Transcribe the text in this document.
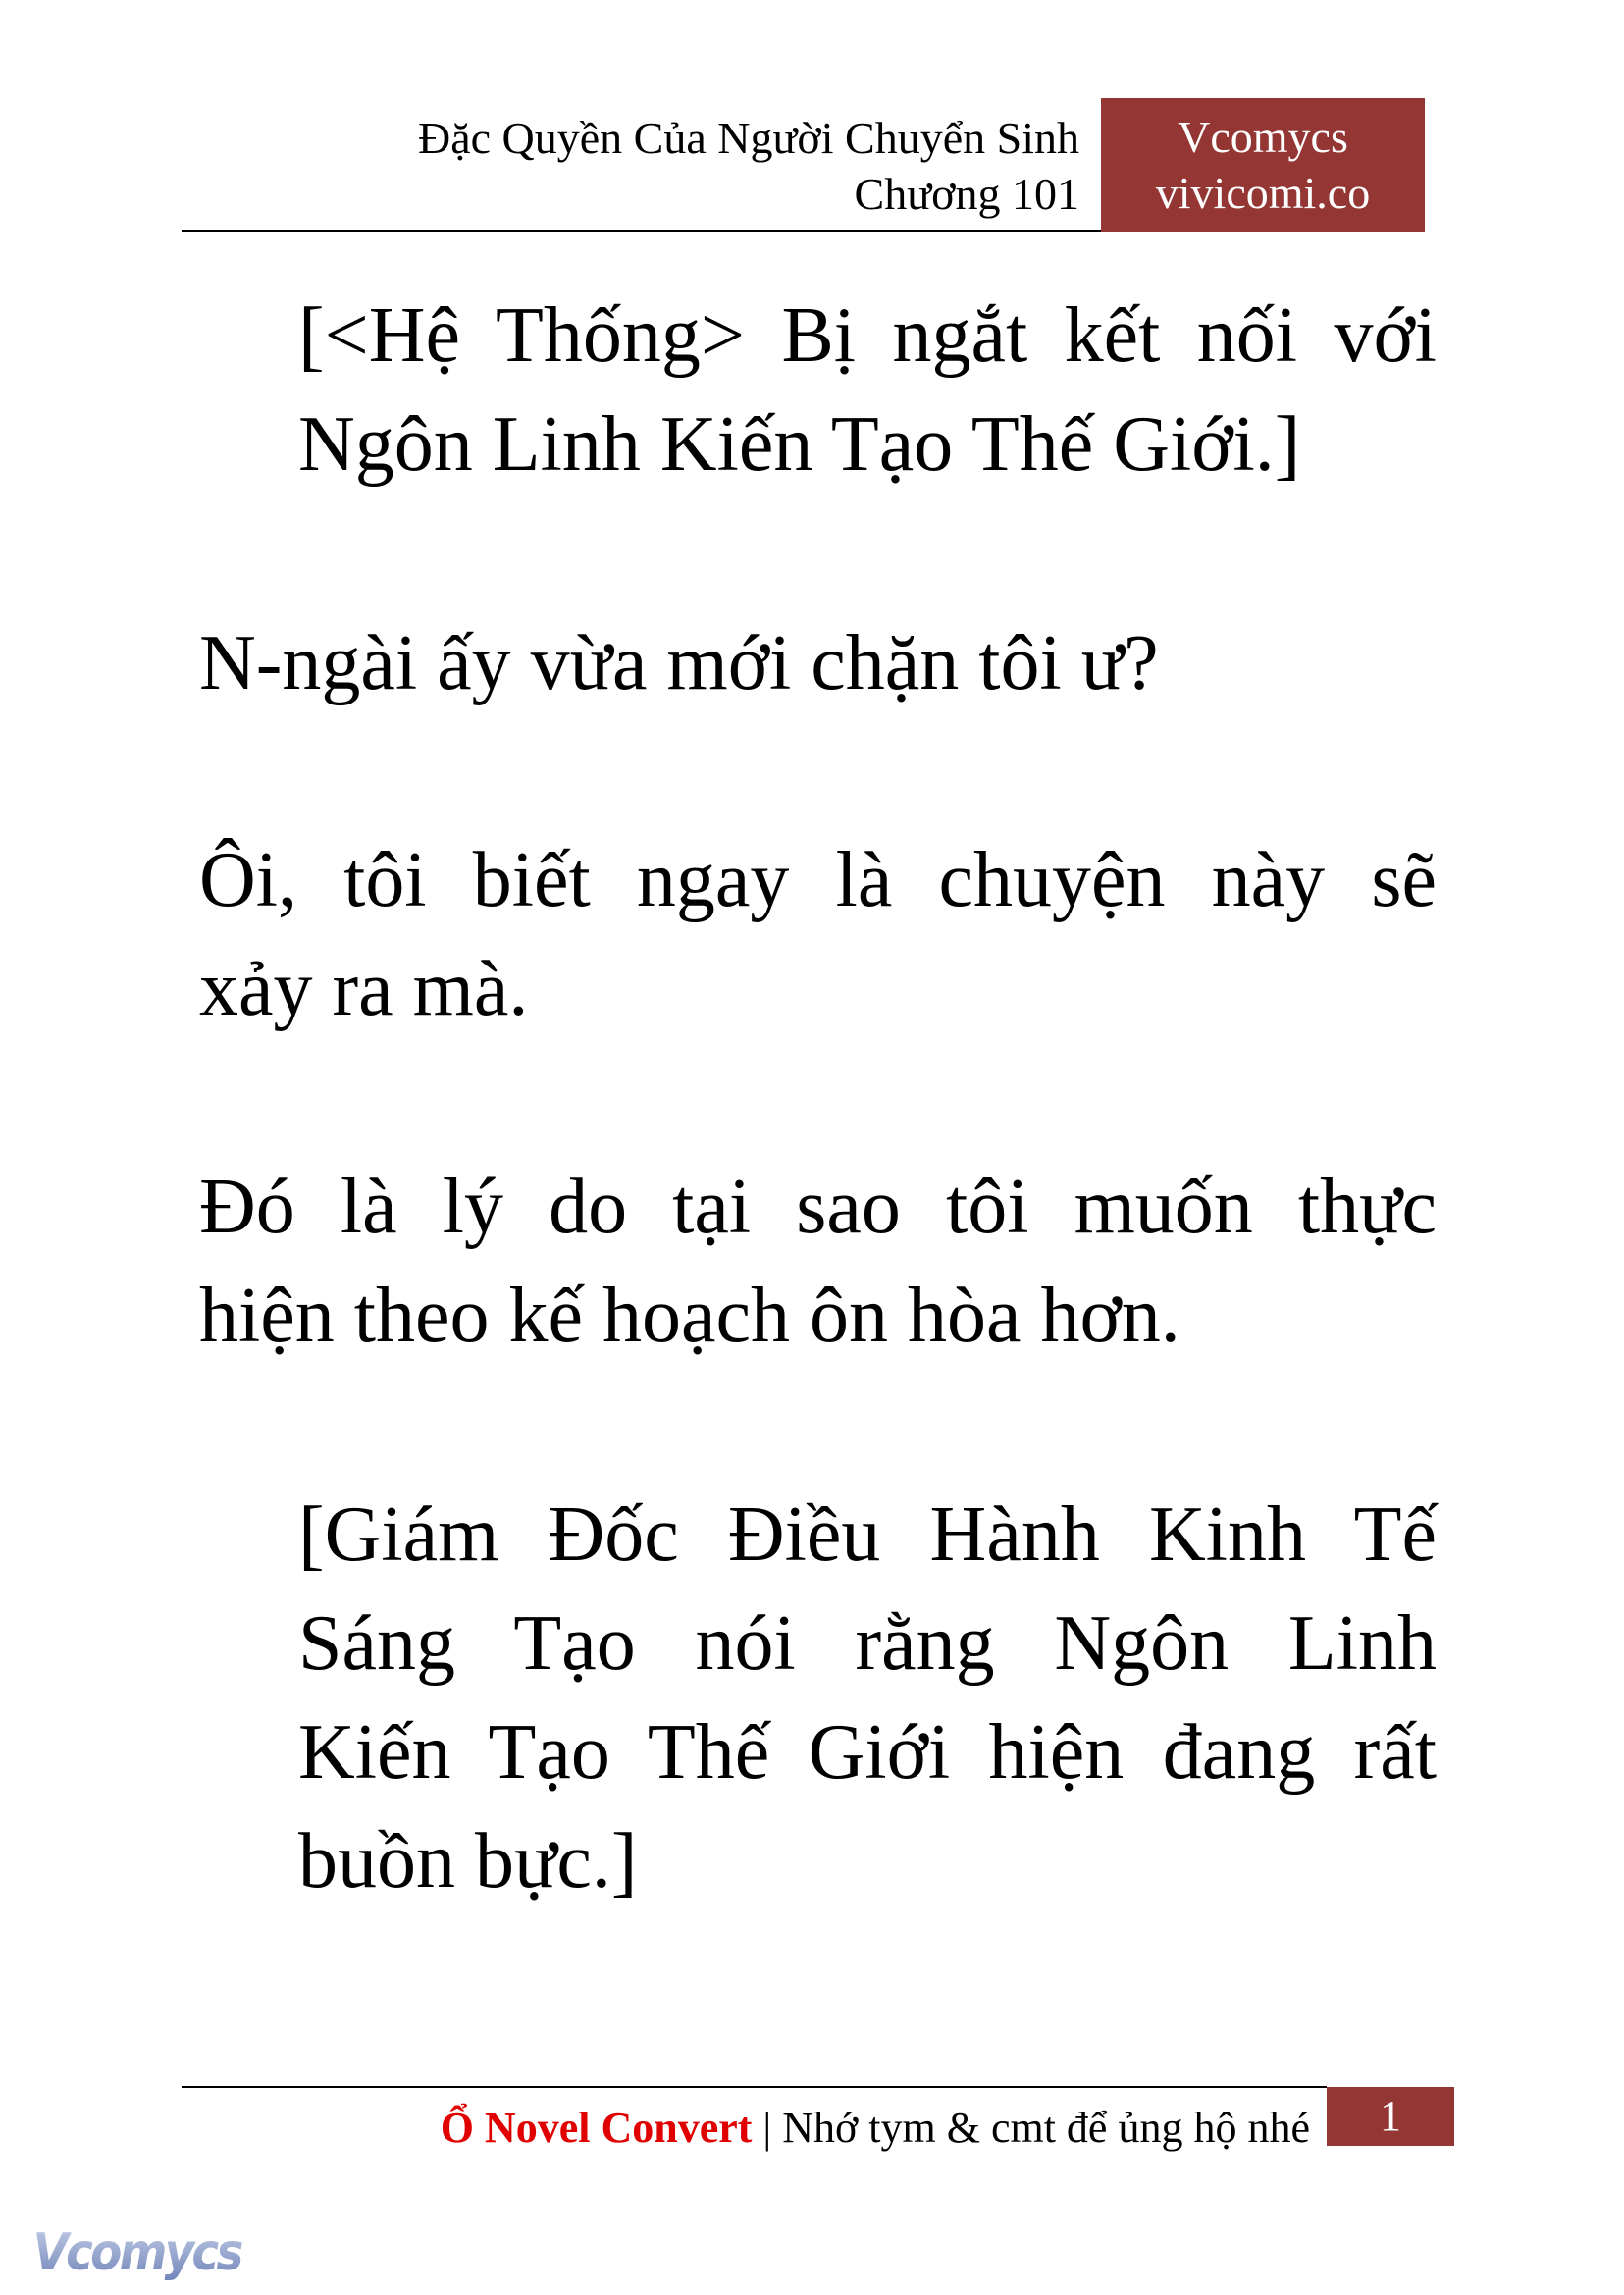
Đặc Quyền Của Người Chuyển Sinh
Chương 101
Vcomycs
vivicomi.co
[<Hệ Thống> Bị ngắt kết nối với
Ngôn Linh Kiến Tạo Thế Giới.]
N-ngài ấy vừa mới chặn tôi ư?
Ôi, tôi biết ngay là chuyện này sẽ
xảy ra mà.
Đó là lý do tại sao tôi muốn thực
hiện theo kế hoạch ôn hòa hơn.
[Giám Đốc Điều Hành Kinh Tế
Sáng Tạo nói rằng Ngôn Linh
Kiến Tạo Thế Giới hiện đang rất
buồn bực.]
Ổ Novel Convert | Nhớ tym & cmt để ủng hộ nhé	1
Vcomycs
